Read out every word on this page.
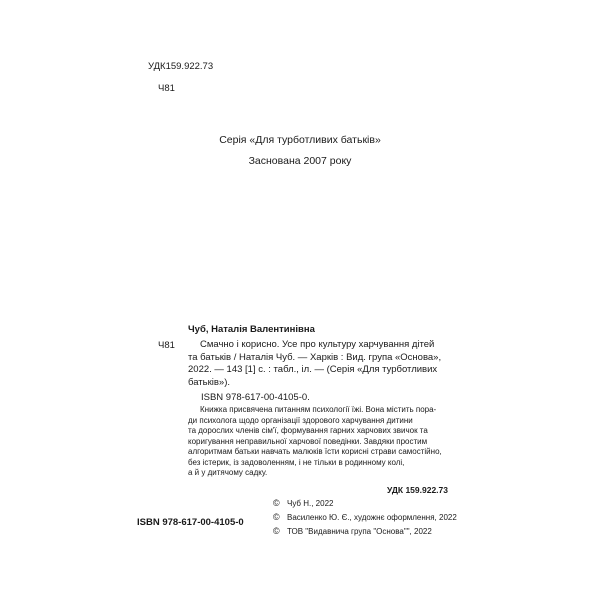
УДК159.922.73
Ч81
Серія «Для турботливих батьків»
Заснована 2007 року
Чуб, Наталія Валентинівна
Ч81	Смачно і корисно. Усе про культуру харчування дітей
та батьків / Наталія Чуб. — Харків : Вид. група «Основа»,
2022. — 143 [1] с. : табл., іл. — (Серія «Для турботливих
батьків»).
ISBN 978-617-00-4105-0.
Книжка присвячена питанням психології їжі. Вона містить пора-
ди психолога щодо організації здорового харчування дитини
та дорослих членів сім'ї, формування гарних харчових звичок та
коригування неправильної харчової поведінки. Завдяки простим
алгоритмам батьки навчать малюків їсти корисні страви самостійно,
без істерик, із задоволенням, і не тільки в родинному колі,
а й у дитячому садку.
УДК 159.922.73
ISBN 978-617-00-4105-0
© Чуб Н., 2022
© Василенко Ю. Є., художнє оформлення, 2022
© ТОВ "Видавнича група "Основа"", 2022
